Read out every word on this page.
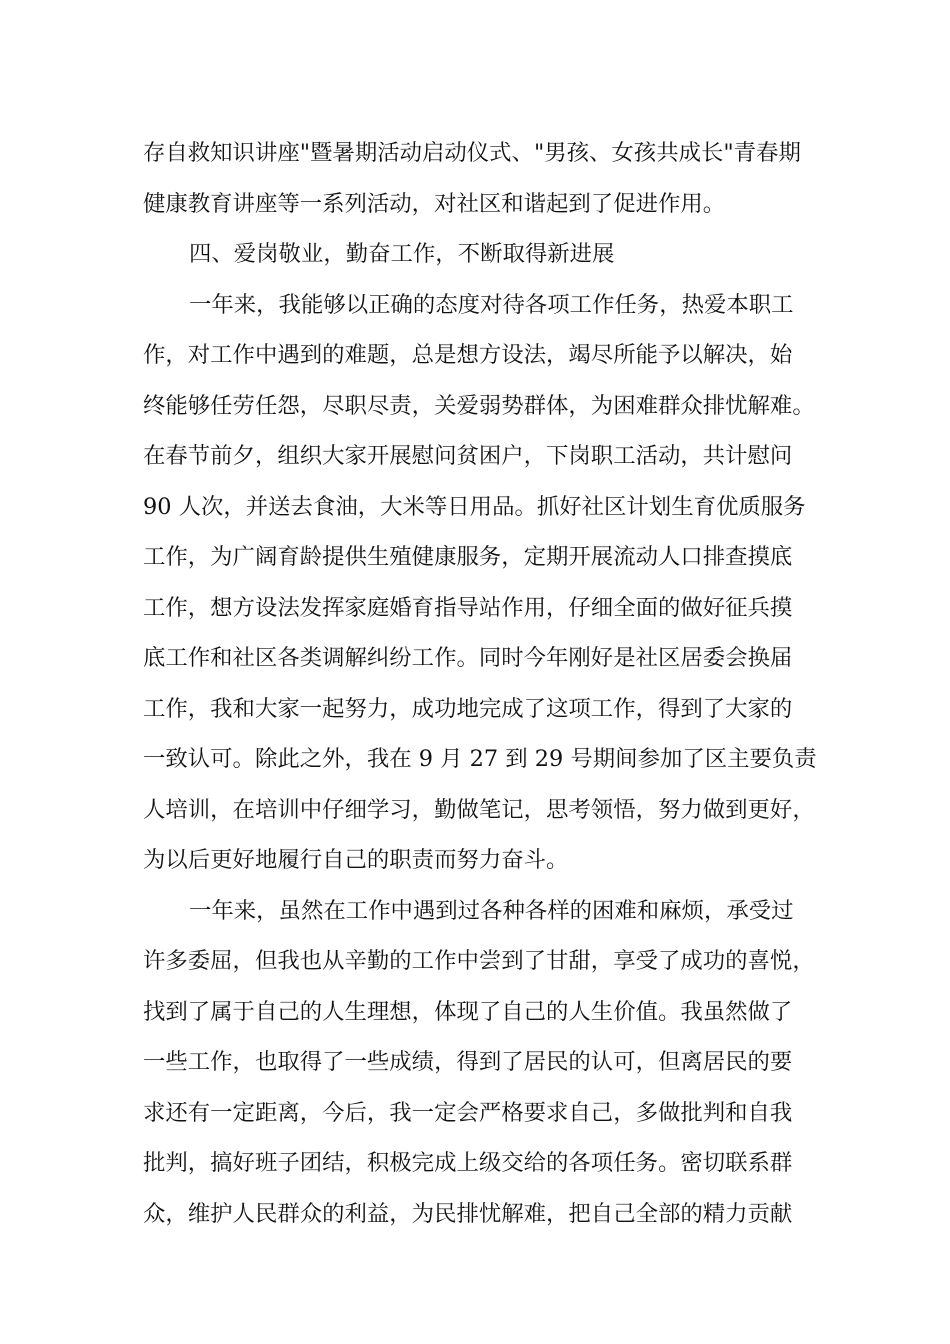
存自救知识讲座"暨暑期活动启动仪式、"男孩、女孩共成长"青春期
健康教育讲座等一系列活动，对社区和谐起到了促进作用。
四、爱岗敬业，勤奋工作，不断取得新进展
一年来，我能够以正确的态度对待各项工作任务，热爱本职工
作，对工作中遇到的难题，总是想方设法，竭尽所能予以解决，始
终能够任劳任怨，尽职尽责，关爱弱势群体，为困难群众排忧解难。
在春节前夕，组织大家开展慰问贫困户，下岗职工活动，共计慰问
90 人次，并送去食油，大米等日用品。抓好社区计划生育优质服务
工作，为广阔育龄提供生殖健康服务，定期开展流动人口排查摸底
工作，想方设法发挥家庭婚育指导站作用，仔细全面的做好征兵摸
底工作和社区各类调解纠纷工作。同时今年刚好是社区居委会换届
工作，我和大家一起努力，成功地完成了这项工作，得到了大家的
一致认可。除此之外，我在 9 月 27 到 29 号期间参加了区主要负责
人培训，在培训中仔细学习，勤做笔记，思考领悟，努力做到更好，
为以后更好地履行自己的职责而努力奋斗。
一年来，虽然在工作中遇到过各种各样的困难和麻烦，承受过
许多委屈，但我也从辛勤的工作中尝到了甘甜，享受了成功的喜悦，
找到了属于自己的人生理想，体现了自己的人生价值。我虽然做了
一些工作，也取得了一些成绩，得到了居民的认可，但离居民的要
求还有一定距离，今后，我一定会严格要求自己，多做批判和自我
批判，搞好班子团结，积极完成上级交给的各项任务。密切联系群
众，维护人民群众的利益，为民排忧解难，把自己全部的精力贡献
